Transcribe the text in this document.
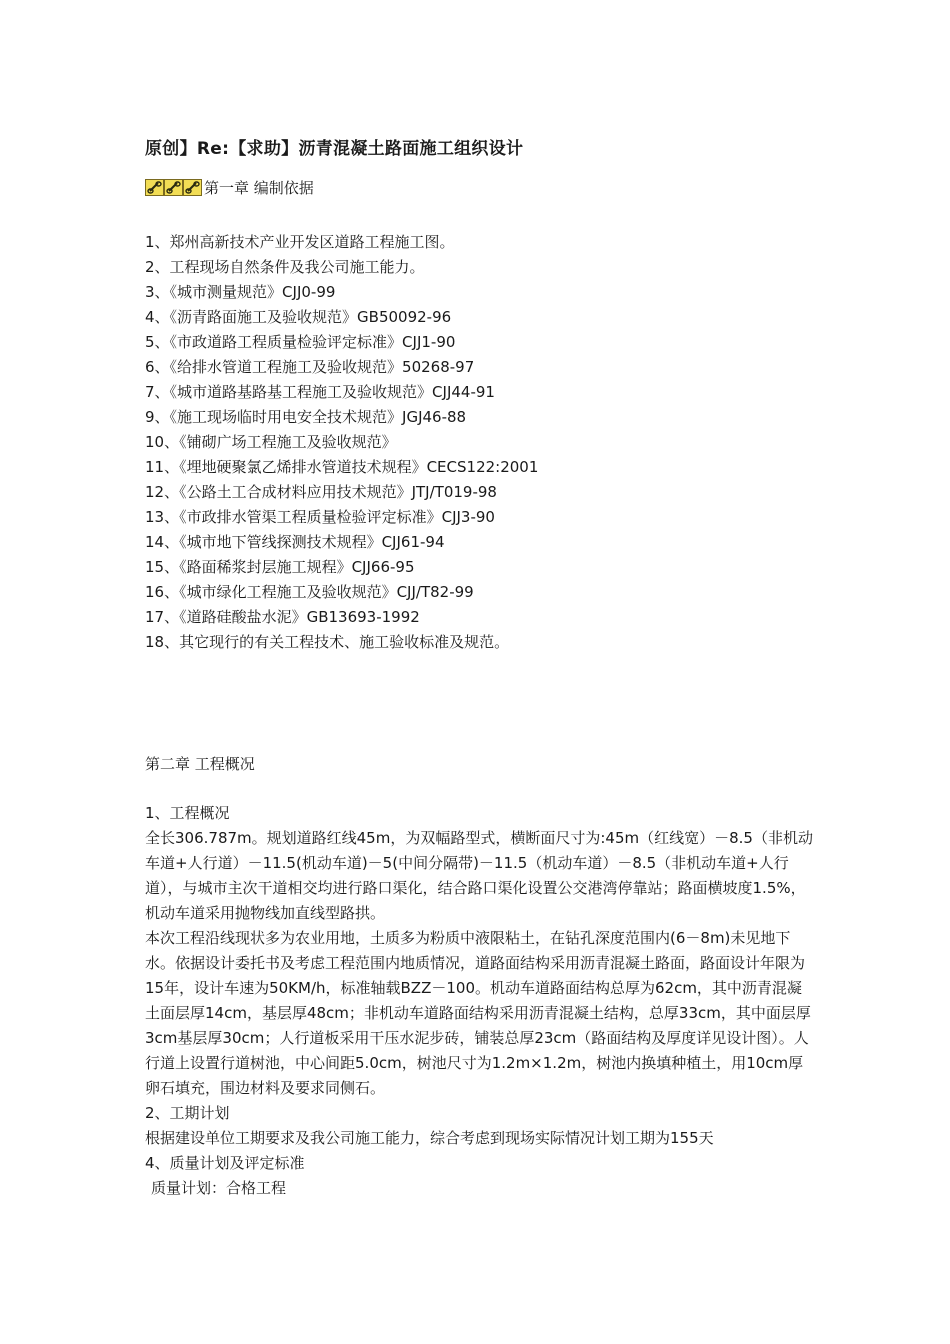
原创】Re:【求助】沥青混凝土路面施工组织设计
第一章 编制依据
1、郑州高新技术产业开发区道路工程施工图。
2、工程现场自然条件及我公司施工能力。
3、《城市测量规范》CJJ0-99
4、《沥青路面施工及验收规范》GB50092-96
5、《市政道路工程质量检验评定标准》CJJ1-90
6、《给排水管道工程施工及验收规范》50268-97
7、《城市道路基路基工程施工及验收规范》CJJ44-91
9、《施工现场临时用电安全技术规范》JGJ46-88
10、《铺砌广场工程施工及验收规范》
11、《埋地硬聚氯乙烯排水管道技术规程》CECS122:2001
12、《公路土工合成材料应用技术规范》JTJ/T019-98
13、《市政排水管渠工程质量检验评定标准》CJJ3-90
14、《城市地下管线探测技术规程》CJJ61-94
15、《路面稀浆封层施工规程》CJJ66-95
16、《城市绿化工程施工及验收规范》CJJ/T82-99
17、《道路硅酸盐水泥》GB13693-1992
18、其它现行的有关工程技术、施工验收标准及规范。
第二章 工程概况

1、工程概况

全长306.787m。规划道路红线45m，为双幅路型式，横断面尺寸为:45m（红线宽）－8.5（非机动车道+人行道）－11.5(机动车道)－5(中间分隔带)－11.5（机动车道）－8.5（非机动车道+人行道），与城市主次干道相交均进行路口渠化，结合路口渠化设置公交港湾停靠站；路面横坡度1.5%，机动车道采用抛物线加直线型路拱。

本次工程沿线现状多为农业用地，土质多为粉质中液限粘土，在钻孔深度范围内(6－8m)未见地下水。依据设计委托书及考虑工程范围内地质情况，道路面结构采用沥青混凝土路面，路面设计年限为15年，设计车速为50KM/h，标准轴载BZZ－100。机动车道路面结构总厚为62cm，其中沥青混凝土面层厚14cm，基层厚48cm；非机动车道路面结构采用沥青混凝土结构，总厚33cm，其中面层厚3cm基层厚30cm；人行道板采用干压水泥步砖，铺装总厚23cm（路面结构及厚度详见设计图）。人行道上设置行道树池，中心间距5.0cm，树池尺寸为1.2m×1.2m，树池内换填种植土，用10cm厚卵石填充，围边材料及要求同侧石。

2、工期计划

根据建设单位工期要求及我公司施工能力，综合考虑到现场实际情况计划工期为155天

4、质量计划及评定标准

质量计划：合格工程
